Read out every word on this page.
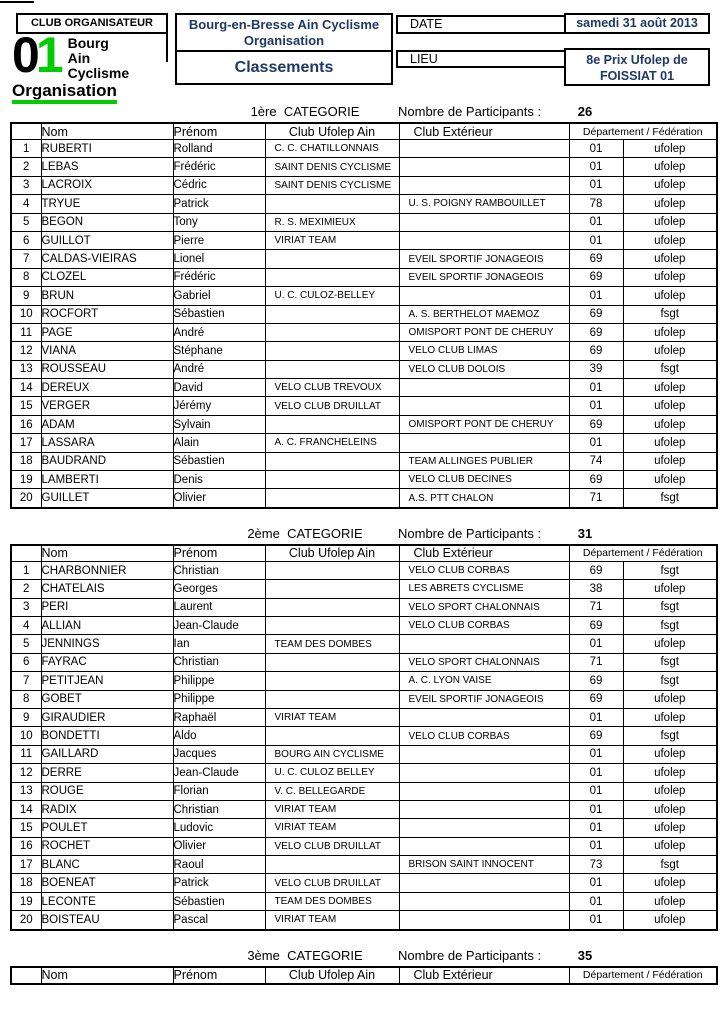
CLUB ORGANISATEUR
01 Bourg
Ain
Cyclisme
Organisation
Bourg-en-Bresse Ain Cyclisme Organisation
Classements
DATE	samedi 31 août 2013
LIEU	8e Prix Ufolep de
FOISSIAT 01
1ère  CATEGORIE	Nombre de Participants :	26
	Nom	Prénom	Club Ufolep Ain	Club Extérieur	Département / Fédération	
1	RUBERTI	Rolland	C. C. CHATILLONNAIS		01	ufolep
2	LEBAS	Frédéric	SAINT DENIS CYCLISME		01	ufolep
3	LACROIX	Cédric	SAINT DENIS CYCLISME		01	ufolep
4	TRYUE	Patrick		U. S. POIGNY RAMBOUILLET	78	ufolep
5	BEGON	Tony	R. S. MEXIMIEUX		01	ufolep
6	GUILLOT	Pierre	VIRIAT TEAM		01	ufolep
7	CALDAS-VIEIRAS	Lionel		EVEIL SPORTIF JONAGEOIS	69	ufolep
8	CLOZEL	Frédéric		EVEIL SPORTIF JONAGEOIS	69	ufolep
9	BRUN	Gabriel	U. C. CULOZ-BELLEY		01	ufolep
10	ROCFORT	Sébastien		A. S. BERTHELOT MAEMOZ	69	fsgt
11	PAGE	André		OMISPORT PONT DE CHERUY	69	ufolep
12	VIANA	Stéphane		VELO CLUB LIMAS	69	ufolep
13	ROUSSEAU	André		VELO CLUB DOLOIS	39	fsgt
14	DEREUX	David	VELO CLUB TREVOUX		01	ufolep
15	VERGER	Jérémy	VELO CLUB DRUILLAT		01	ufolep
16	ADAM	Sylvain		OMISPORT PONT DE CHERUY	69	ufolep
17	LASSARA	Alain	A. C. FRANCHELEINS		01	ufolep
18	BAUDRAND	Sébastien		TEAM ALLINGES PUBLIER	74	ufolep
19	LAMBERTI	Denis		VELO CLUB DECINES	69	ufolep
20	GUILLET	Olivier		A.S. PTT CHALON	71	fsgt
2ème  CATEGORIE	Nombre de Participants :	31
	Nom	Prénom	Club Ufolep Ain	Club Extérieur	Département / Fédération	
1	CHARBONNIER	Christian		VELO CLUB CORBAS	69	fsgt
2	CHATELAIS	Georges		LES ABRETS CYCLISME	38	ufolep
3	PERI	Laurent		VELO SPORT CHALONNAIS	71	fsgt
4	ALLIAN	Jean-Claude		VELO CLUB CORBAS	69	fsgt
5	JENNINGS	Ian	TEAM DES DOMBES		01	ufolep
6	FAYRAC	Christian		VELO SPORT CHALONNAIS	71	fsgt
7	PETITJEAN	Philippe		A. C. LYON VAISE	69	fsgt
8	GOBET	Philippe		EVEIL SPORTIF JONAGEOIS	69	ufolep
9	GIRAUDIER	Raphaël	VIRIAT TEAM		01	ufolep
10	BONDETTI	Aldo		VELO CLUB CORBAS	69	fsgt
11	GAILLARD	Jacques	BOURG AIN CYCLISME		01	ufolep
12	DERRE	Jean-Claude	U. C. CULOZ BELLEY		01	ufolep
13	ROUGE	Florian	V. C. BELLEGARDE		01	ufolep
14	RADIX	Christian	VIRIAT TEAM		01	ufolep
15	POULET	Ludovic	VIRIAT TEAM		01	ufolep
16	ROCHET	Olivier	VELO CLUB DRUILLAT		01	ufolep
17	BLANC	Raoul		BRISON SAINT INNOCENT	73	fsgt
18	BOENEAT	Patrick	VELO CLUB DRUILLAT		01	ufolep
19	LECONTE	Sébastien	TEAM DES DOMBES		01	ufolep
20	BOISTEAU	Pascal	VIRIAT TEAM		01	ufolep
3ème  CATEGORIE	Nombre de Participants :	35
	Nom	Prénom	Club Ufolep Ain	Club Extérieur	Département / Fédération
